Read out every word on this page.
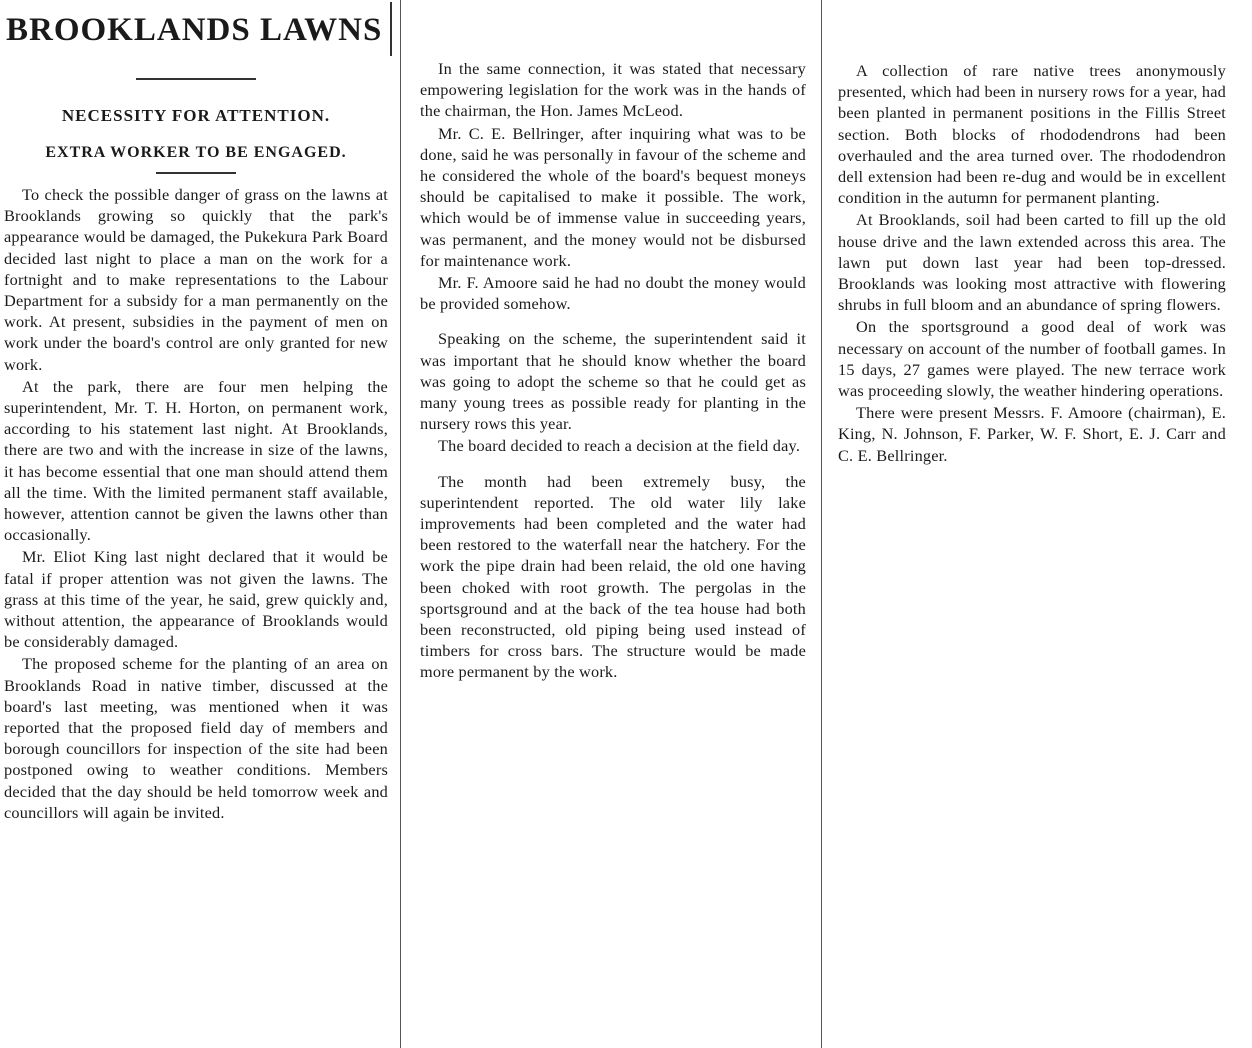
BROOKLANDS LAWNS
NECESSITY FOR ATTENTION.
EXTRA WORKER TO BE ENGAGED.

To check the possible danger of grass on the lawns at Brooklands growing so quickly that the park's appearance would be damaged, the Pukekura Park Board decided last night to place a man on the work for a fortnight and to make representations to the Labour Department for a subsidy for a man permanently on the work. At present, subsidies in the payment of men on work under the board's control are only granted for new work.

At the park, there are four men helping the superintendent, Mr. T. H. Horton, on permanent work, according to his statement last night. At Brooklands, there are two and with the increase in size of the lawns, it has become essential that one man should attend them all the time. With the limited permanent staff available, however, attention cannot be given the lawns other than occasionally.

Mr. Eliot King last night declared that it would be fatal if proper attention was not given the lawns. The grass at this time of the year, he said, grew quickly and, without attention, the appearance of Brooklands would be considerably damaged.

The proposed scheme for the planting of an area on Brooklands Road in native timber, discussed at the board's last meeting, was mentioned when it was reported that the proposed field day of members and borough councillors for inspection of the site had been postponed owing to weather conditions. Members decided that the day should be held tomorrow week and councillors will again be invited.

In the same connection, it was stated that necessary empowering legislation for the work was in the hands of the chairman, the Hon. James McLeod.

Mr. C. E. Bellringer, after inquiring what was to be done, said he was personally in favour of the scheme and he considered the whole of the board's bequest moneys should be capitalised to make it possible. The work, which would be of immense value in succeeding years, was permanent, and the money would not be disbursed for maintenance work.

Mr. F. Amoore said he had no doubt the money would be provided somehow.

Speaking on the scheme, the superintendent said it was important that he should know whether the board was going to adopt the scheme so that he could get as many young trees as possible ready for planting in the nursery rows this year.

The board decided to reach a decision at the field day.

The month had been extremely busy, the superintendent reported. The old water lily lake improvements had been completed and the water had been restored to the waterfall near the hatchery. For the work the pipe drain had been relaid, the old one having been choked with root growth. The pergolas in the sportsground and at the back of the tea house had both been reconstructed, old piping being used instead of timbers for cross bars. The structure would be made more permanent by the work.

A collection of rare native trees anonymously presented, which had been in nursery rows for a year, had been planted in permanent positions in the Fillis Street section. Both blocks of rhododendrons had been overhauled and the area turned over. The rhododendron dell extension had been re-dug and would be in excellent condition in the autumn for permanent planting.

At Brooklands, soil had been carted to fill up the old house drive and the lawn extended across this area. The lawn put down last year had been top-dressed. Brooklands was looking most attractive with flowering shrubs in full bloom and an abundance of spring flowers.

On the sportsground a good deal of work was necessary on account of the number of football games. In 15 days, 27 games were played. The new terrace work was proceeding slowly, the weather hindering operations.

There were present Messrs. F. Amoore (chairman), E. King, N. Johnson, F. Parker, W. F. Short, E. J. Carr and C. E. Bellringer.
